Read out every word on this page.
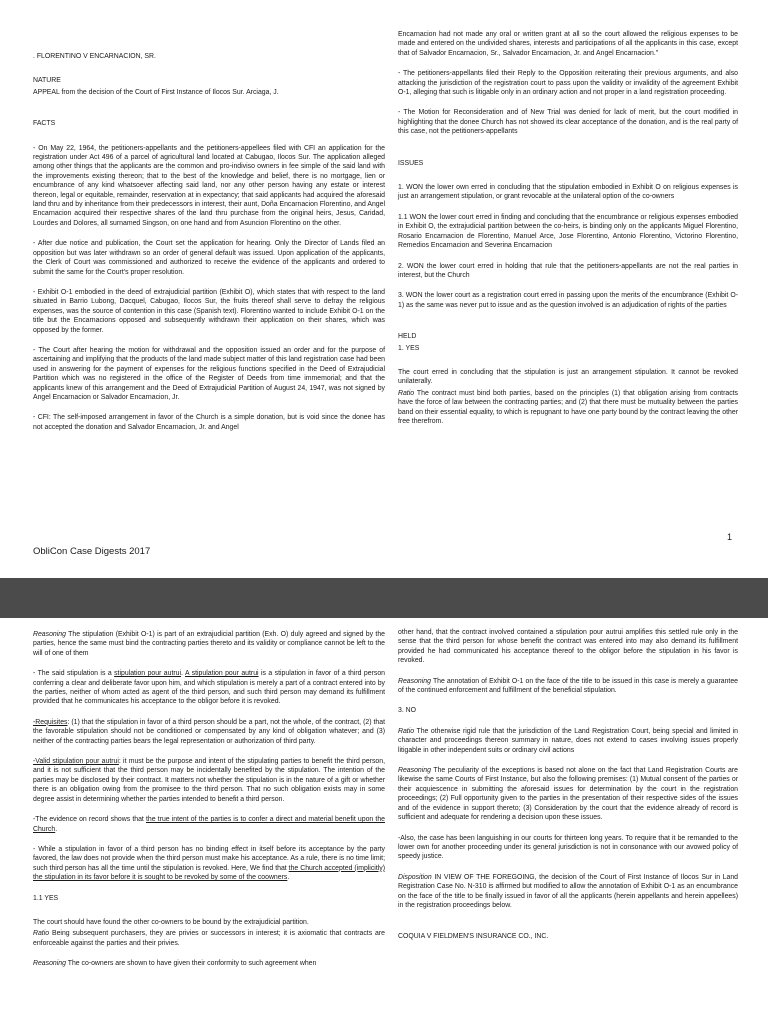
. FLORENTINO V ENCARNACION, SR.

NATURE

APPEAL from the decision of the Court of First Instance of Ilocos Sur. Arciaga, J.

FACTS

- On May 22, 1964, the petitioners-appellants and the petitioners-appellees filed with CFI an application for the registration under Act 496 of a parcel of agricultural land located at Cabugao, Ilocos Sur. The application alleged among other things that the applicants are the common and pro-indiviso owners in fee simple of the said land with the improvements existing thereon; that to the best of the knowledge and belief, there is no mortgage, lien or encumbrance of any kind whatsoever affecting said land, nor any other person having any estate or interest thereon, legal or equitable, remainder, reservation at in expectancy; that said applicants had acquired the aforesaid land thru and by inheritance from their predecessors in interest, their aunt, Doña Encarnacion Florentino, and Angel Encarnacion acquired their respective shares of the land thru purchase from the original heirs, Jesus, Caridad, Lourdes and Dolores, all surnamed Singson, on one hand and from Asuncion Florentino on the other.

- After due notice and publication, the Court set the application for hearing. Only the Director of Lands filed an opposition but was later withdrawn so an order of general default was issued. Upon application of the applicants, the Clerk of Court was commissioned and authorized to receive the evidence of the applicants and ordered to submit the same for the Court's proper resolution.

- Exhibit O-1 embodied in the deed of extrajudicial partition (Exhibit O), which states that with respect to the land situated in Barrio Lubong, Dacquel, Cabugao, Ilocos Sur, the fruits thereof shall serve to defray the religious expenses, was the source of contention in this case (Spanish text). Florentino wanted to include Exhibit O-1 on the title but the Encarnacions opposed and subsequently withdrawn their application on their shares, which was opposed by the former.

- The Court after hearing the motion for withdrawal and the opposition issued an order and for the purpose of ascertaining and implifying that the products of the land made subject matter of this land registration case had been used in answering for the payment of expenses for the religious functions specified in the Deed of Extrajudicial Partition which was no registered in the office of the Register of Deeds from time immemorial; and that the applicants knew of this arrangement and the Deed of Extrajudicial Partition of August 24, 1947, was not signed by Angel Encarnacion or Salvador Encarnacion, Jr.

- CFI: The self-imposed arrangement in favor of the Church is a simple donation, but is void since the donee has not accepted the donation and Salvador Encarnacion, Jr. and Angel

Encarnacion had not made any oral or written grant at all so the court allowed the religious expenses to be made and entered on the undivided shares, interests and participations of all the applicants in this case, except that of Salvador Encarnacion, Sr., Salvador Encarnacion, Jr. and Angel Encarnacion."

- The petitioners-appellants filed their Reply to the Opposition reiterating their previous arguments, and also attacking the jurisdiction of the registration court to pass upon the validity or invalidity of the agreement Exhibit O-1, alleging that such is litigable only in an ordinary action and not proper in a land registration proceeding.

- The Motion for Reconsideration and of New Trial was denied for lack of merit, but the court modified in highlighting that the donee Church has not showed its clear acceptance of the donation, and is the real party of this case, not the petitioners-appellants

ISSUES

1. WON the lower own erred in concluding that the stipulation embodied in Exhibit O on religious expenses is just an arrangement stipulation, or grant revocable at the unilateral option of the co-owners

1.1 WON the lower court erred in finding and concluding that the encumbrance or religious expenses embodied in Exhibit O, the extrajudicial partition between the co-heirs, is binding only on the applicants Miguel Florentino, Rosario Encarnacion de Florentino, Manuel Arce, Jose Florentino, Antonio Florentino, Victorino Florentino, Remedios Encarnacion and Severina Encarnacion

2. WON the lower court erred in holding that rule that the petitioners-appellants are not the real parties in interest, but the Church

3. WON the lower court as a registration court erred in passing upon the merits of the encumbrance (Exhibit O-1) as the same was never put to issue and as the question involved is an adjudication of rights of the parties

HELD

1. YES

The court erred in concluding that the stipulation is just an arrangement stipulation. It cannot be revoked unilaterally.

Ratio The contract must bind both parties, based on the principles (1) that obligation arising from contracts have the force of law between the contracting parties; and (2) that there must be mutuality between the parties band on their essential equality, to which is repugnant to have one party bound by the contract leaving the other free therefrom.

ObliCon Case Digests 2017
1

Reasoning The stipulation (Exhibit O-1) is part of an extrajudicial partition (Exh. O) duly agreed and signed by the parties, hence the same must bind the contracting parties thereto and its validity or compliance cannot be left to the will of one of them

- The said stipulation is a stipulation pour autrui. A stipulation pour autrui is a stipulation in favor of a third person conferring a clear and deliberate favor upon him, and which stipulation is merely a part of a contract entered into by the parties, neither of whom acted as agent of the third person, and such third person may demand its fulfillment provided that he communicates his acceptance to the obligor before it is revoked.

-Requisites: (1) that the stipulation in favor of a third person should be a part, not the whole, of the contract, (2) that the favorable stipulation should not be conditioned or compensated by any kind of obligation whatever; and (3) neither of the contracting parties bears the legal representation or authorization of third party.

-Valid stipulation pour autrui: it must be the purpose and intent of the stipulating parties to benefit the third person, and it is not sufficient that the third person may be incidentally benefited by the stipulation. The intention of the parties may be disclosed by their contract. It matters not whether the stipulation is in the nature of a gift or whether there is an obligation owing from the promisee to the third person. That no such obligation exists may in some degree assist in determining whether the parties intended to benefit a third person.

-The evidence on record shows that the true intent of the parties is to confer a direct and material benefit upon the Church.

- While a stipulation in favor of a third person has no binding effect in itself before its acceptance by the party favored, the law does not provide when the third person must make his acceptance. As a rule, there is no time limit; such third person has all the time until the stipulation is revoked. Here, We find that the Church accepted (implicitly) the stipulation in its favor before it is sought to be revoked by some of the coowners.

1.1 YES

The court should have found the other co-owners to be bound by the extrajudicial partition.

Ratio Being subsequent purchasers, they are privies or successors in interest; it is axiomatic that contracts are enforceable against the parties and their privies.

Reasoning The co-owners are shown to have given their conformity to such agreement when

other hand, that the contract involved contained a stipulation pour autrui amplifies this settled rule only in the sense that the third person for whose benefit the contract was entered into may also demand its fulfillment provided he had communicated his acceptance thereof to the obligor before the stipulation in his favor is revoked.

Reasoning The annotation of Exhibit O-1 on the face of the title to be issued in this case is merely a guarantee of the continued enforcement and fulfillment of the beneficial stipulation.

3. NO

Ratio The otherwise rigid rule that the jurisdiction of the Land Registration Court, being special and limited in character and proceedings thereon summary in nature, does not extend to cases involving issues properly litigable in other independent suits or ordinary civil actions

Reasoning The peculiarity of the exceptions is based not alone on the fact that Land Registration Courts are likewise the same Courts of First Instance, but also the following premises: (1) Mutual consent of the parties or their acquiescence in submitting the aforesaid issues for determination by the court in the registration proceedings; (2) Full opportunity given to the parties in the presentation of their respective sides of the issues and of the evidence in support thereto; (3) Consideration by the court that the evidence already of record is sufficient and adequate for rendering a decision upon these issues.

-Also, the case has been languishing in our courts for thirteen long years. To require that it be remanded to the lower own for another proceeding under its general jurisdiction is not in consonance with our avowed policy of speedy justice.

Disposition IN VIEW OF THE FOREGOING, the decision of the Court of First Instance of Ilocos Sur in Land Registration Case No. N-310 is affirmed but modified to allow the annotation of Exhibit O-1 as an encumbrance on the face of the title to be finally issued in favor of all the applicants (herein appellants and herein appellees) in the registration proceedings below.

COQUIA V FIELDMEN'S INSURANCE CO., INC.
